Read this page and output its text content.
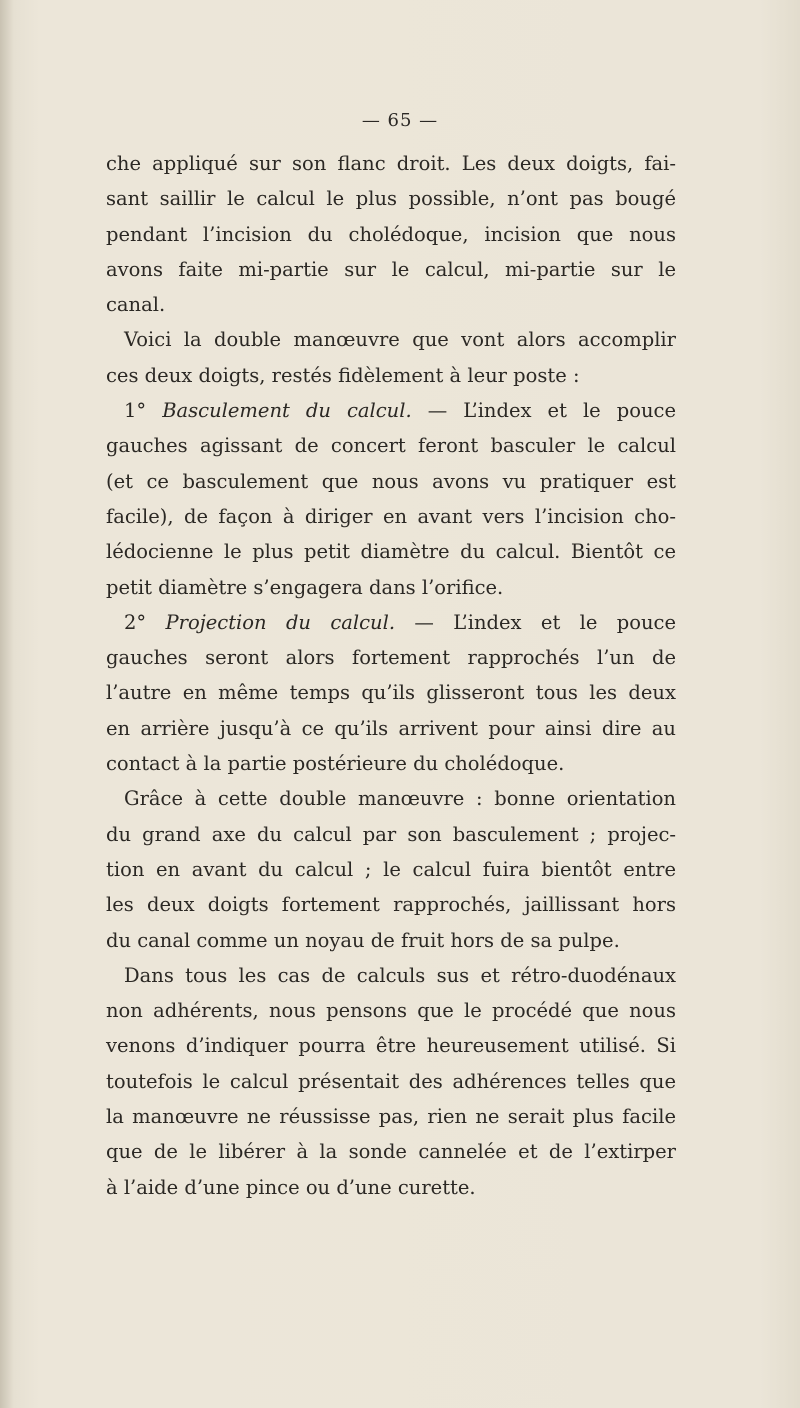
— 65 —
che appliqué sur son flanc droit. Les deux doigts, fai-
sant saillir le calcul le plus possible, n’ont pas bougé
pendant l’incision du cholédoque, incision que nous
avons faite mi-partie sur le calcul, mi-partie sur le
canal.
Voici la double manœuvre que vont alors accomplir
ces deux doigts, restés fidèlement à leur poste :
1° Basculement du calcul. — L’index et le pouce
gauches agissant de concert feront basculer le calcul
(et ce basculement que nous avons vu pratiquer est
facile), de façon à diriger en avant vers l’incision cho-
lédocienne le plus petit diamètre du calcul. Bientôt ce
petit diamètre s’engagera dans l’orifice.
2° Projection du calcul. — L’index et le pouce
gauches seront alors fortement rapprochés l’un de
l’autre en même temps qu’ils glisseront tous les deux
en arrière jusqu’à ce qu’ils arrivent pour ainsi dire au
contact à la partie postérieure du cholédoque.
Grâce à cette double manœuvre : bonne orientation
du grand axe du calcul par son basculement ; projec-
tion en avant du calcul ; le calcul fuira bientôt entre
les deux doigts fortement rapprochés, jaillissant hors
du canal comme un noyau de fruit hors de sa pulpe.
Dans tous les cas de calculs sus et rétro-duodénaux
non adhérents, nous pensons que le procédé que nous
venons d’indiquer pourra être heureusement utilisé. Si
toutefois le calcul présentait des adhérences telles que
la manœuvre ne réussisse pas, rien ne serait plus facile
que de le libérer à la sonde cannelée et de l’extirper
à l’aide d’une pince ou d’une curette.
